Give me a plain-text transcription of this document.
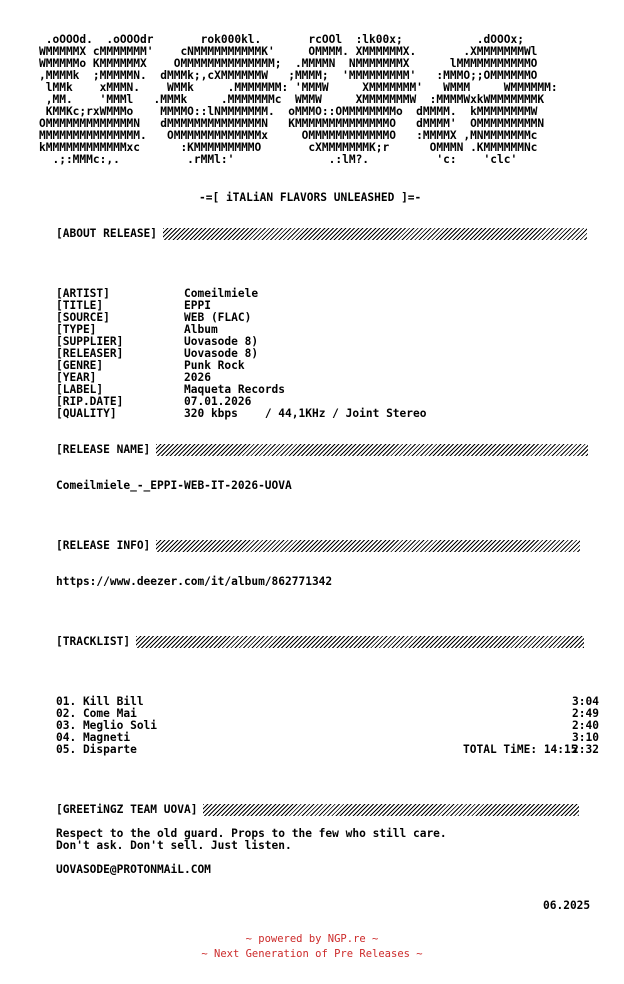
.oOOOd.  .oOOOdr       rok000kl.       rcOOl  :lk00x;           .dOOOx;
WMMMMMX cMMMMMMM'    cNMMMMMMMMMMK'     OMMMM. XMMMMMMX.       .XMMMMMMMWl
WMMMMMo KMMMMMMX    OMMMMMMMMMMMMMM;  .MMMMN  NMMMMMMMX      lMMMMMMMMMMMO
,MMMMk  ;MMMMMN.  dMMMk;,cXMMMMMMW   ;MMMM;  'MMMMMMMMM'   :MMMO;;OMMMMMMO
lMMk    xMMMN.    WMMk     .MMMMMMM: 'MMMW     XMMMMMMM'   WMMM     WMMMMMM:
,MM.    'MMMl   .MMMk     .MMMMMMMc  WMMW     XMMMMMMMW  :MMMMWxkWMMMMMMMK
KMMKc;rxWMMMo    MMMMO::lNMMMMMMM.  oMMMO::OMMMMMMMMo  dMMMM.  kMMMMMMMMW
OMMMMMMMMMMMMMN   dMMMMMMMMMMMMMMN   KMMMMMMMMMMMMMMO   dMMMM'  OMMMMMMMMMN
MMMMMMMMMMMMMMM.   OMMMMMMMMMMMMMx     OMMMMMMMMMMMMO   :MMMMX ,MNMMMMMMMc
kMMMMMMMMMMMMxc      :KMMMMMMMMMO       cXMMMMMMMK;r      OMMMN .KMMMMMMNc
.;:MMMc:,.          .rMMl:'              .:lM?.          'c:    'clc'
-=[ iTALiAN FLAVORS UNLEASHED ]=-
[ABOUT RELEASE]

[ARTIST]	Comeilmiele
[TITLE]	EPPI
[SOURCE]	WEB (FLAC)
[TYPE]	Album
[SUPPLIER]	Uovasode 8)
[RELEASER]	Uovasode 8)
[GENRE]	Punk Rock
[YEAR]	2026
[LABEL]	Maqueta Records
[RIP.DATE]	07.01.2026
[QUALITY]	320 kbps    / 44,1KHz / Joint Stereo

[RELEASE NAME]
Comeilmiele_-_EPPI-WEB-IT-2026-UOVA
[RELEASE INFO]
https://www.deezer.com/it/album/862771342
[TRACKLIST]

01. Kill Bill	3:04
02. Come Mai	2:49
03. Meglio Soli	2:40
04. Magneti	3:10
05. Disparte	2:32

TOTAL TiME: 14:15
[GREETiNGZ TEAM UOVA]
Respect to the old guard. Props to the few who still care.
Don't ask. Don't sell. Just listen.
UOVASODE@PROTONMAiL.COM
06.2025
~ powered by NGP.re ~
~ Next Generation of Pre Releases ~
